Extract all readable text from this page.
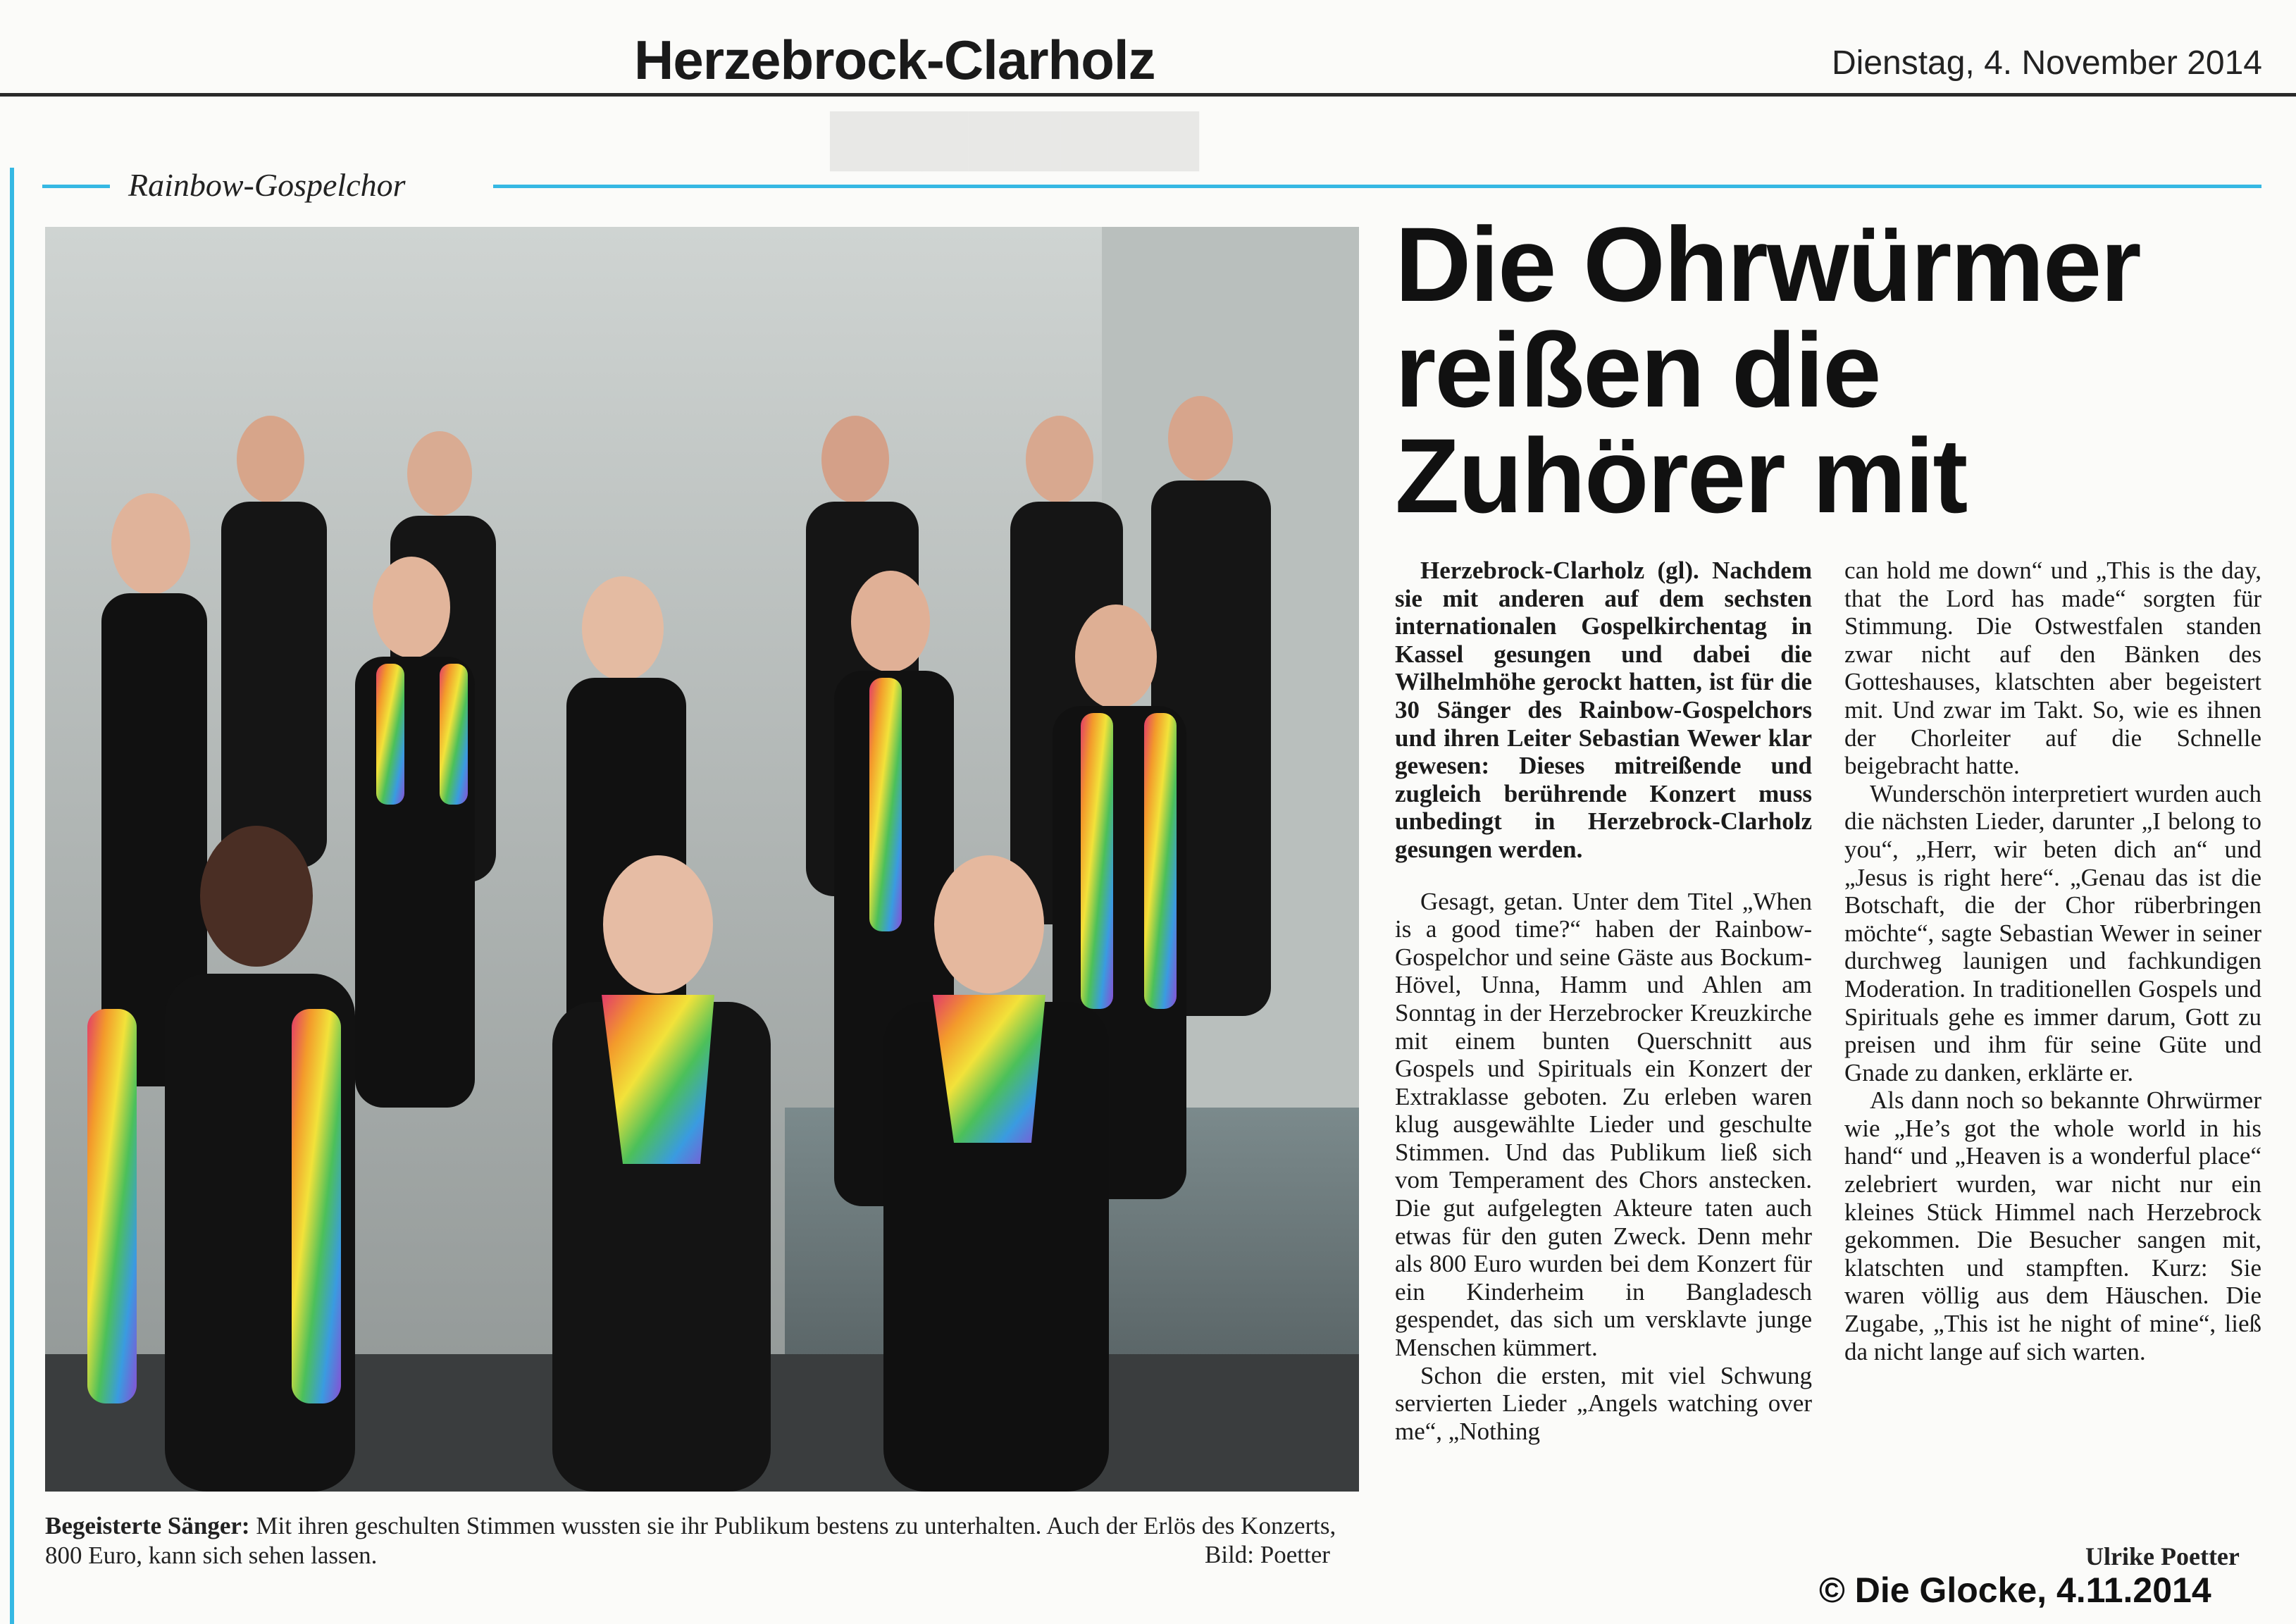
Herzebrock-Clarholz	Dienstag, 4. November 2014
▇▇▇▇▇▇▇▇
Rainbow-Gospelchor
Begeisterte Sänger: Mit ihren geschulten Stimmen wussten sie ihr Publikum bestens zu unterhalten. Auch der Erlös des Konzerts, 800 Euro, kann sich sehen lassen.	Bild: Poetter
Die Ohrwürmer
reißen die
Zuhörer mit

Herzebrock-Clarholz (gl). Nachdem sie mit anderen auf dem sechsten internationalen Gospelkirchentag in Kassel gesungen und dabei die Wilhelmhöhe gerockt hatten, ist für die 30 Sänger des Rainbow-Gospelchors und ihren Leiter Sebastian Wewer klar gewesen: Dieses mitreißende und zugleich berührende Konzert muss unbedingt in Herzebrock-Clarholz gesungen werden.

Gesagt, getan. Unter dem Titel „When is a good time?“ haben der Rainbow-Gospelchor und seine Gäste aus Bockum-Hövel, Unna, Hamm und Ahlen am Sonntag in der Herzebrocker Kreuzkirche mit einem bunten Querschnitt aus Gospels und Spirituals ein Konzert der Extraklasse geboten. Zu erleben waren klug ausgewählte Lieder und geschulte Stimmen. Und das Publikum ließ sich vom Temperament des Chors anstecken. Die gut aufgelegten Akteure taten auch etwas für den guten Zweck. Denn mehr als 800 Euro wurden bei dem Konzert für ein Kinderheim in Bangladesch gespendet, das sich um versklavte junge Menschen kümmert.

Schon die ersten, mit viel Schwung servierten Lieder „Angels watching over me“, „Nothing

can hold me down“ und „This is the day, that the Lord has made“ sorgten für Stimmung. Die Ostwestfalen standen zwar nicht auf den Bänken des Gotteshauses, klatschten aber begeistert mit. Und zwar im Takt. So, wie es ihnen der Chorleiter auf die Schnelle beigebracht hatte.

Wunderschön interpretiert wurden auch die nächsten Lieder, darunter „I belong to you“, „Herr, wir beten dich an“ und „Jesus is right here“. „Genau das ist die Botschaft, die der Chor rüberbringen möchte“, sagte Sebastian Wewer in seiner durchweg launigen und fachkundigen Moderation. In traditionellen Gospels und Spirituals gehe es immer darum, Gott zu preisen und ihm für seine Güte und Gnade zu danken, erklärte er.

Als dann noch so bekannte Ohrwürmer wie „He’s got the whole world in his hand“ und „Heaven is a wonderful place“ zelebriert wurden, war nicht nur ein kleines Stück Himmel nach Herzebrock gekommen. Die Besucher sangen mit, klatschten und stampften. Kurz: Sie waren völlig aus dem Häuschen. Die Zugabe, „This ist he night of mine“, ließ da nicht lange auf sich warten.

Ulrike Poetter
© Die Glocke, 4.11.2014
